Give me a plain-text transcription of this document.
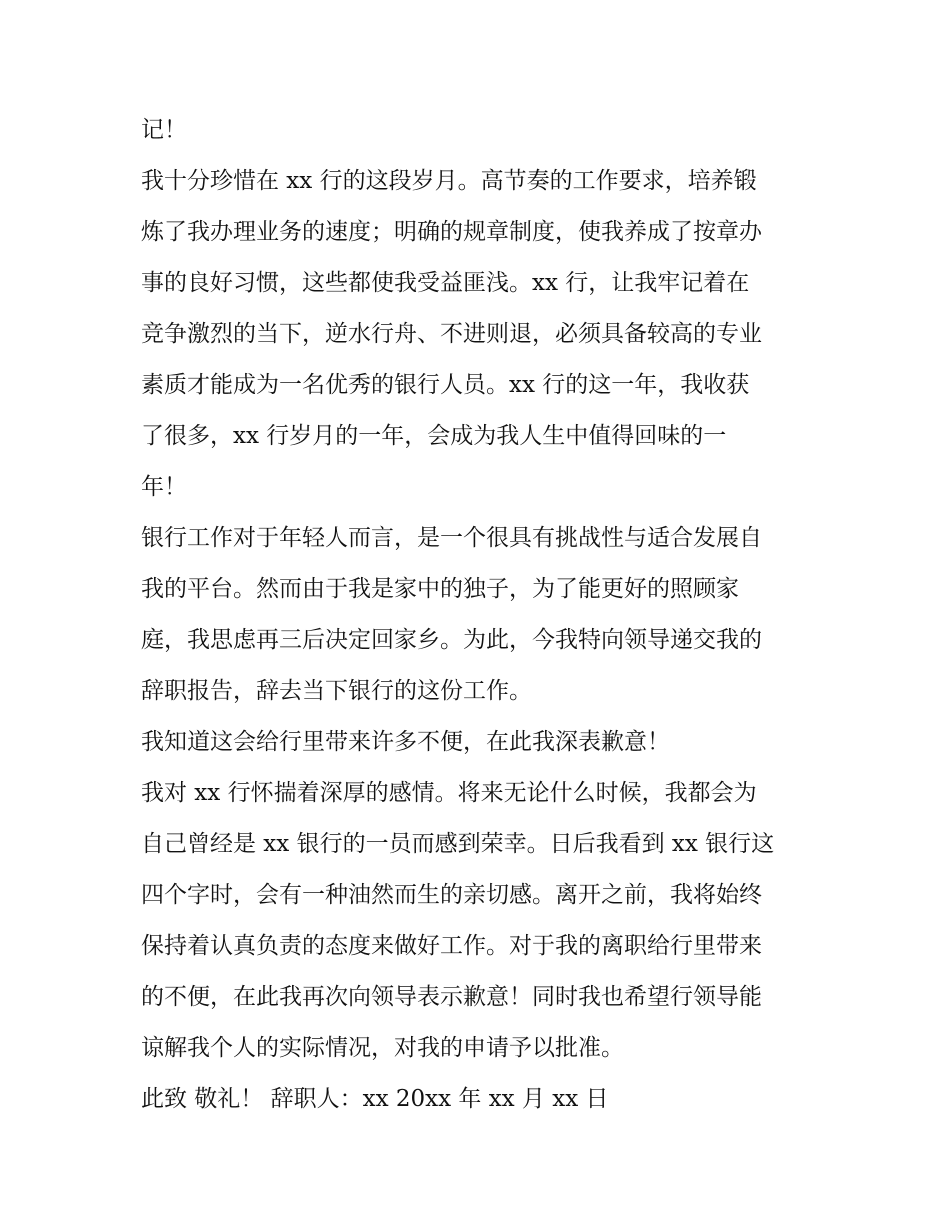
记！
我十分珍惜在 xx 行的这段岁月。高节奏的工作要求，培养锻
炼了我办理业务的速度；明确的规章制度，使我养成了按章办
事的良好习惯，这些都使我受益匪浅。xx 行，让我牢记着在
竞争激烈的当下，逆水行舟、不进则退，必须具备较高的专业
素质才能成为一名优秀的银行人员。xx 行的这一年，我收获
了很多，xx 行岁月的一年，会成为我人生中值得回味的一
年！
银行工作对于年轻人而言，是一个很具有挑战性与适合发展自
我的平台。然而由于我是家中的独子，为了能更好的照顾家
庭，我思虑再三后决定回家乡。为此，今我特向领导递交我的
辞职报告，辞去当下银行的这份工作。
我知道这会给行里带来许多不便，在此我深表歉意！
我对 xx 行怀揣着深厚的感情。将来无论什么时候，我都会为
自己曾经是 xx 银行的一员而感到荣幸。日后我看到 xx 银行这
四个字时，会有一种油然而生的亲切感。离开之前，我将始终
保持着认真负责的态度来做好工作。对于我的离职给行里带来
的不便，在此我再次向领导表示歉意！同时我也希望行领导能
谅解我个人的实际情况，对我的申请予以批准。
此致 敬礼！ 辞职人：xx 20xx 年 xx 月 xx 日
